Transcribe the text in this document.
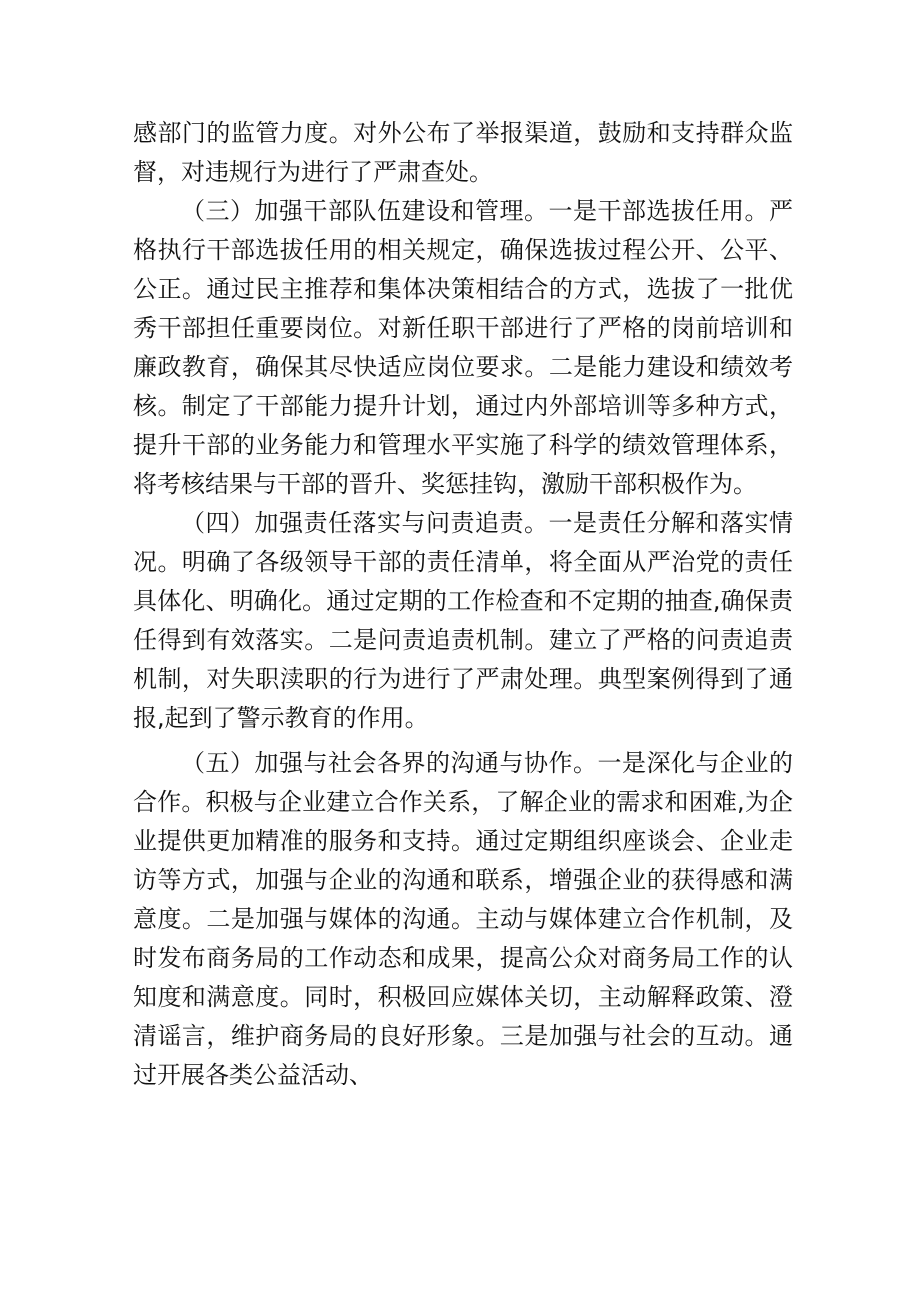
感部门的监管力度。对外公布了举报渠道，鼓励和支持群众监督，对违规行为进行了严肃查处。

（三）加强干部队伍建设和管理。一是干部选拔任用。严格执行干部选拔任用的相关规定，确保选拔过程公开、公平、公正。通过民主推荐和集体决策相结合的方式，选拔了一批优秀干部担任重要岗位。对新任职干部进行了严格的岗前培训和廉政教育，确保其尽快适应岗位要求。二是能力建设和绩效考核。制定了干部能力提升计划，通过内外部培训等多种方式，提升干部的业务能力和管理水平实施了科学的绩效管理体系，将考核结果与干部的晋升、奖惩挂钩，激励干部积极作为。

（四）加强责任落实与问责追责。一是责任分解和落实情况。明确了各级领导干部的责任清单，将全面从严治党的责任具体化、明确化。通过定期的工作检查和不定期的抽查,确保责任得到有效落实。二是问责追责机制。建立了严格的问责追责机制，对失职渎职的行为进行了严肃处理。典型案例得到了通报,起到了警示教育的作用。

（五）加强与社会各界的沟通与协作。一是深化与企业的合作。积极与企业建立合作关系，了解企业的需求和困难,为企业提供更加精准的服务和支持。通过定期组织座谈会、企业走访等方式，加强与企业的沟通和联系，增强企业的获得感和满意度。二是加强与媒体的沟通。主动与媒体建立合作机制，及时发布商务局的工作动态和成果，提高公众对商务局工作的认知度和满意度。同时，积极回应媒体关切，主动解释政策、澄清谣言，维护商务局的良好形象。三是加强与社会的互动。通过开展各类公益活动、
